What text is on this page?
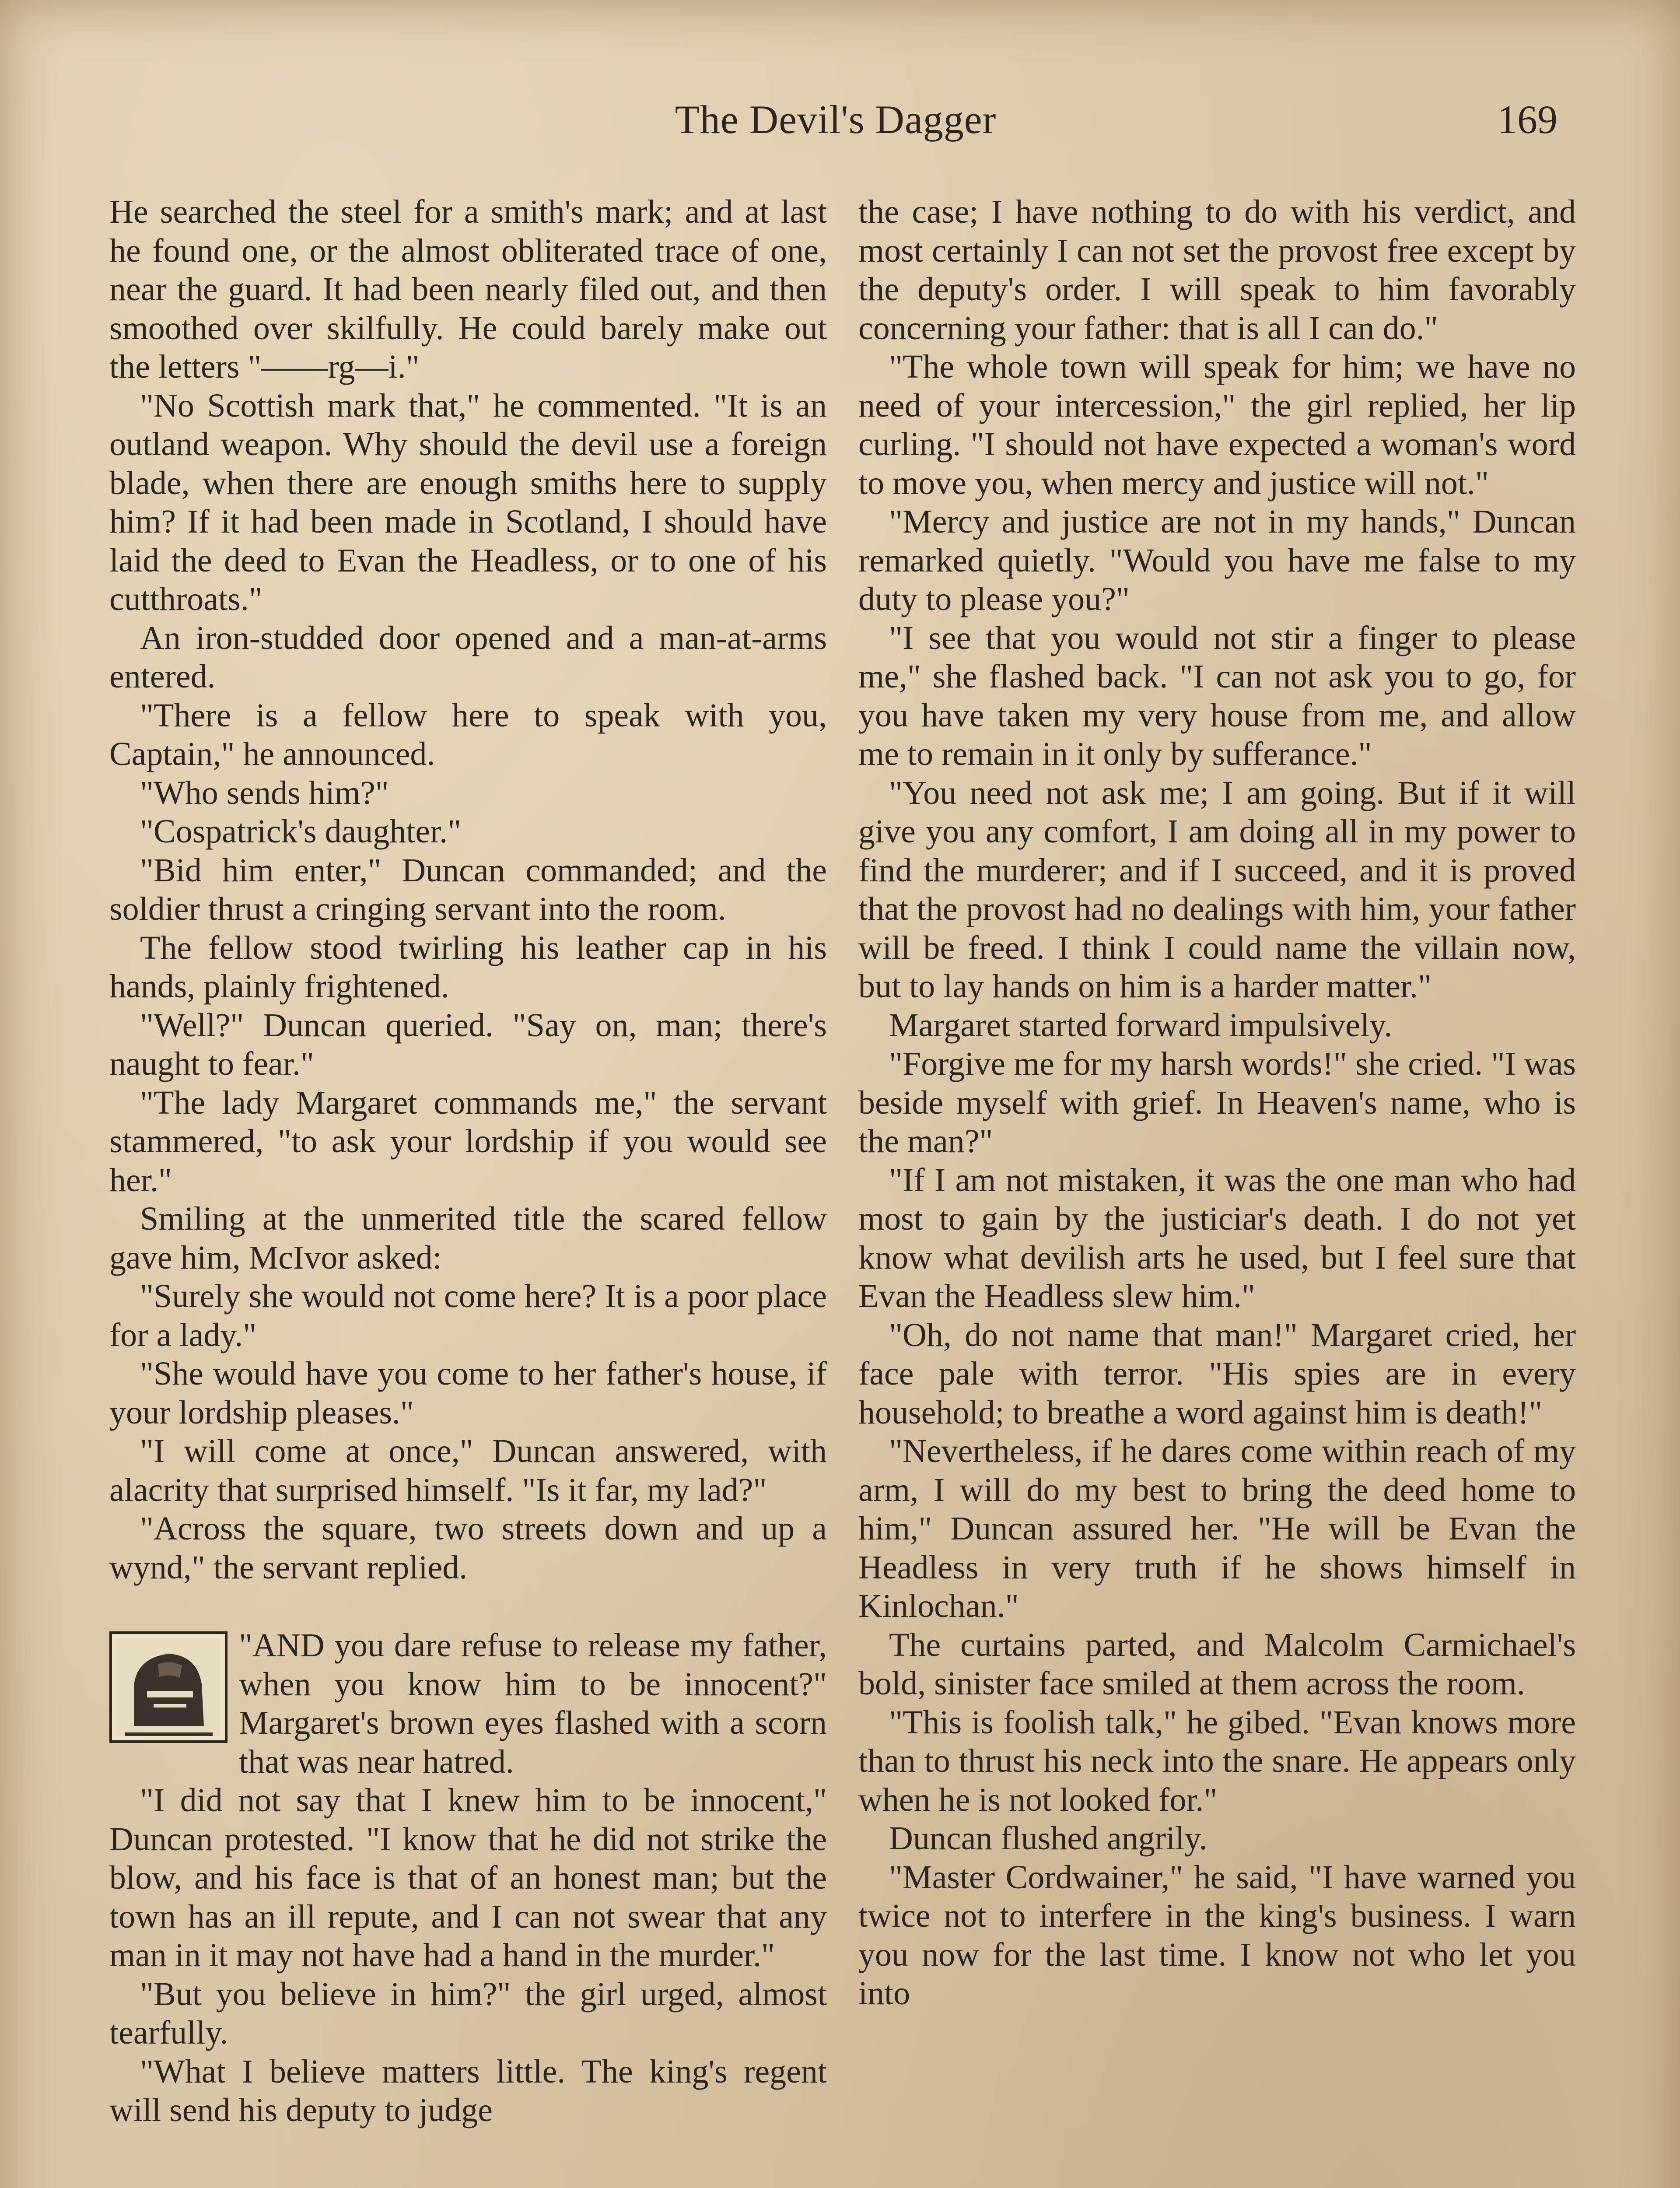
The Devil's Dagger	169

He searched the steel for a smith's mark; and at last he found one, or the almost obliterated trace of one, near the guard. It had been nearly filed out, and then smoothed over skilfully. He could barely make out the letters "——rg—i."

"No Scottish mark that," he commented. "It is an outland weapon. Why should the devil use a foreign blade, when there are enough smiths here to supply him? If it had been made in Scotland, I should have laid the deed to Evan the Headless, or to one of his cutthroats."

An iron-studded door opened and a man-at-arms entered.

"There is a fellow here to speak with you, Captain," he announced.

"Who sends him?"

"Cospatrick's daughter."

"Bid him enter," Duncan commanded; and the soldier thrust a cringing servant into the room.

The fellow stood twirling his leather cap in his hands, plainly frightened.

"Well?" Duncan queried. "Say on, man; there's naught to fear."

"The lady Margaret commands me," the servant stammered, "to ask your lordship if you would see her."

Smiling at the unmerited title the scared fellow gave him, McIvor asked:

"Surely she would not come here? It is a poor place for a lady."

"She would have you come to her father's house, if your lordship pleases."

"I will come at once," Duncan answered, with alacrity that surprised himself. "Is it far, my lad?"

"Across the square, two streets down and up a wynd," the servant replied.

"AND you dare refuse to release my father, when you know him to be innocent?" Margaret's brown eyes flashed with a scorn that was near hatred.

"I did not say that I knew him to be innocent," Duncan protested. "I know that he did not strike the blow, and his face is that of an honest man; but the town has an ill repute, and I can not swear that any man in it may not have had a hand in the murder."

"But you believe in him?" the girl urged, almost tearfully.

"What I believe matters little. The king's regent will send his deputy to judge

the case; I have nothing to do with his verdict, and most certainly I can not set the provost free except by the deputy's order. I will speak to him favorably concerning your father: that is all I can do."

"The whole town will speak for him; we have no need of your intercession," the girl replied, her lip curling. "I should not have expected a woman's word to move you, when mercy and justice will not."

"Mercy and justice are not in my hands," Duncan remarked quietly. "Would you have me false to my duty to please you?"

"I see that you would not stir a finger to please me," she flashed back. "I can not ask you to go, for you have taken my very house from me, and allow me to remain in it only by sufferance."

"You need not ask me; I am going. But if it will give you any comfort, I am doing all in my power to find the murderer; and if I succeed, and it is proved that the provost had no dealings with him, your father will be freed. I think I could name the villain now, but to lay hands on him is a harder matter."

Margaret started forward impulsively.

"Forgive me for my harsh words!" she cried. "I was beside myself with grief. In Heaven's name, who is the man?"

"If I am not mistaken, it was the one man who had most to gain by the justiciar's death. I do not yet know what devilish arts he used, but I feel sure that Evan the Headless slew him."

"Oh, do not name that man!" Margaret cried, her face pale with terror. "His spies are in every household; to breathe a word against him is death!"

"Nevertheless, if he dares come within reach of my arm, I will do my best to bring the deed home to him," Duncan assured her. "He will be Evan the Headless in very truth if he shows himself in Kinlochan."

The curtains parted, and Malcolm Carmichael's bold, sinister face smiled at them across the room.

"This is foolish talk," he gibed. "Evan knows more than to thrust his neck into the snare. He appears only when he is not looked for."

Duncan flushed angrily.

"Master Cordwainer," he said, "I have warned you twice not to interfere in the king's business. I warn you now for the last time. I know not who let you into
